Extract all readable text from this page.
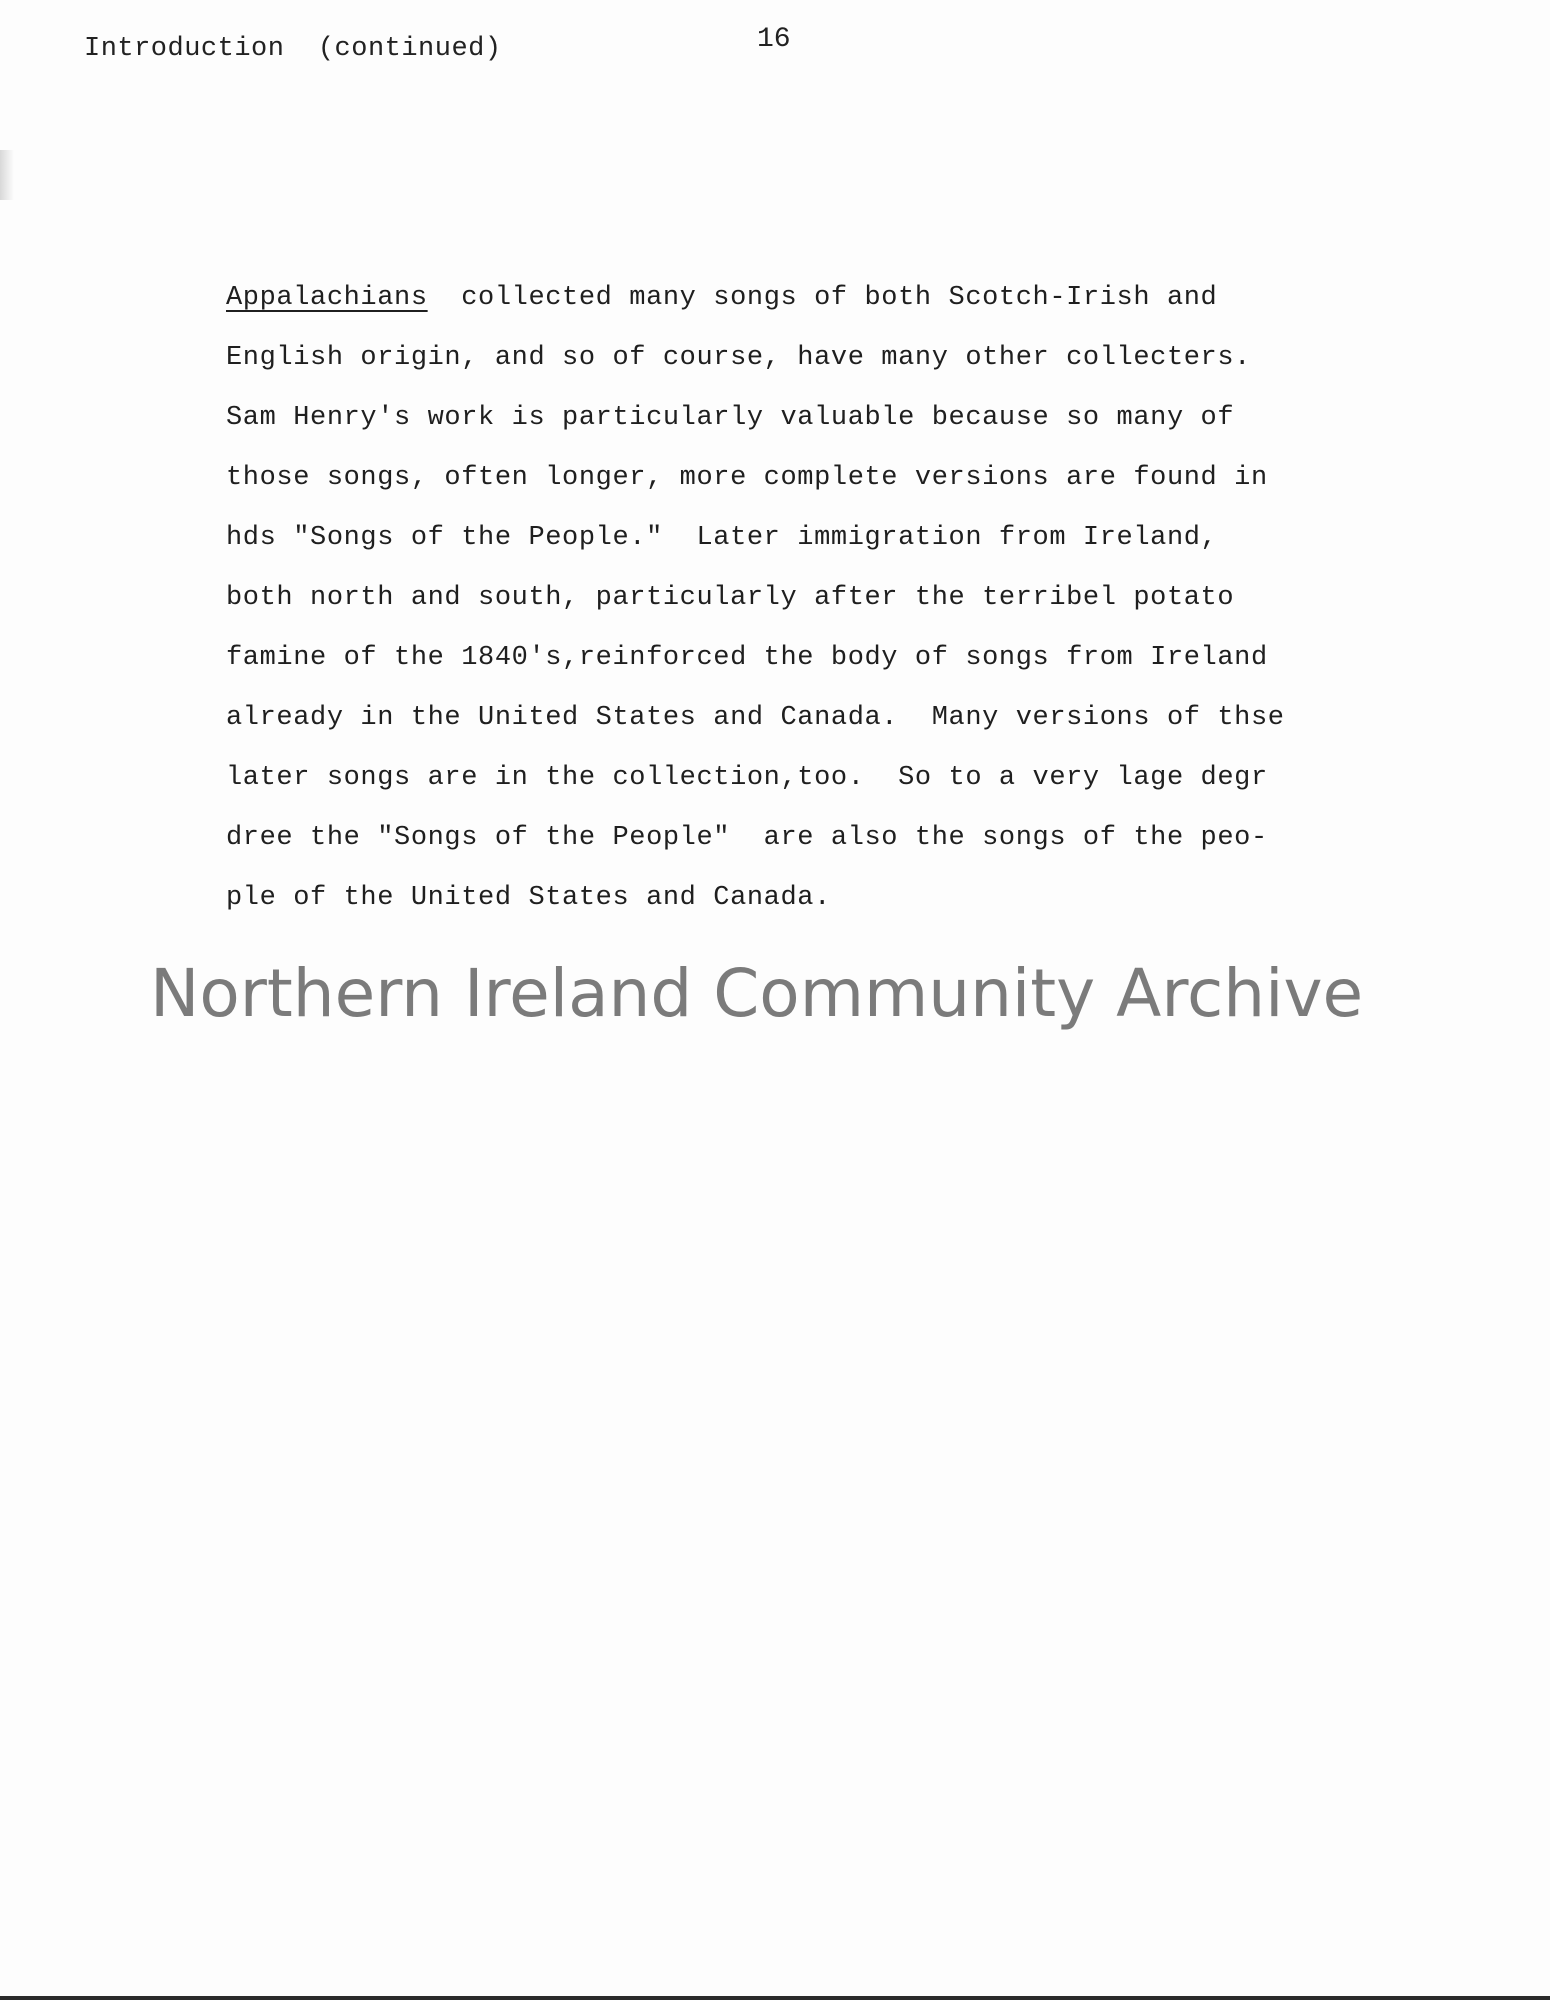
Introduction  (continued)	16
Appalachians  collected many songs of both Scotch-Irish and
English origin, and so of course, have many other collecters.
Sam Henry's work is particularly valuable because so many of
those songs, often longer, more complete versions are found in
hds "Songs of the People."  Later immigration from Ireland,
both north and south, particularly after the terribel potato
famine of the 1840's,reinforced the body of songs from Ireland
already in the United States and Canada.  Many versions of thse
later songs are in the collection,too.  So to a very lage degr
dree the "Songs of the People"  are also the songs of the peo-
ple of the United States and Canada.
Northern Ireland Community Archive
